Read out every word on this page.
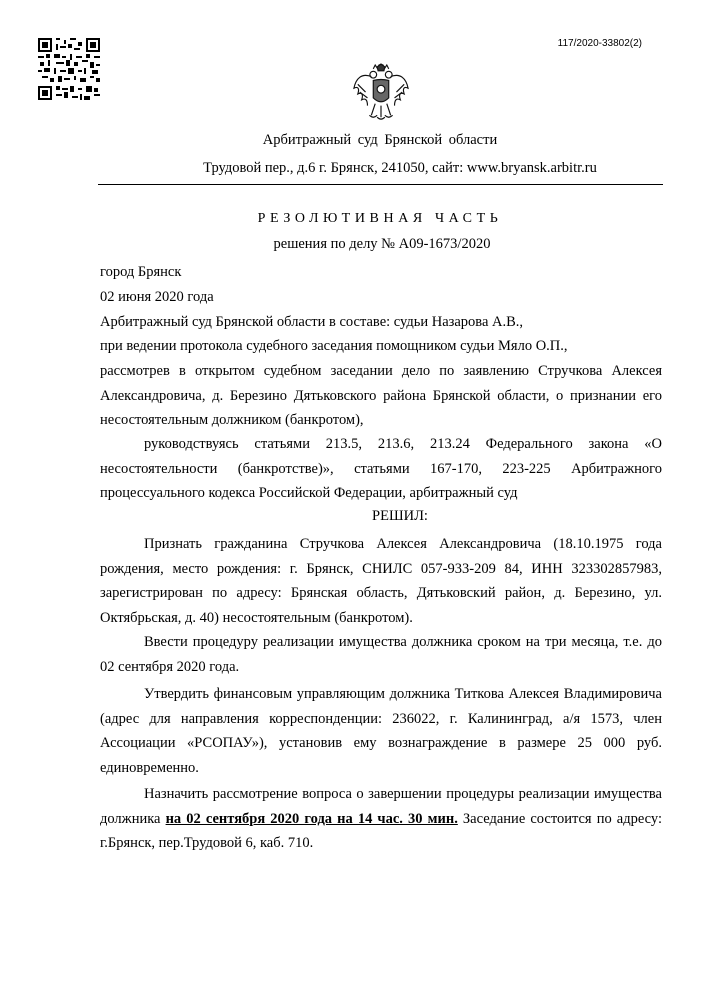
117/2020-33802(2)
Арбитражный суд Брянской области
Трудовой пер., д.6 г. Брянск, 241050, сайт: www.bryansk.arbitr.ru
РЕЗОЛЮТИВНАЯ ЧАСТЬ
решения по делу № А09-1673/2020
город Брянск
02 июня 2020 года
Арбитражный суд Брянской области в составе: судьи Назарова А.В.,
при ведении протокола судебного заседания помощником судьи Мяло О.П.,
рассмотрев в открытом судебном заседании дело по заявлению Стручкова Алексея Александровича, д. Березино Дятьковского района Брянской области, о признании его несостоятельным должником (банкротом),
руководствуясь статьями 213.5, 213.6, 213.24 Федерального закона «О несостоятельности (банкротстве)», статьями 167-170, 223-225 Арбитражного процессуального кодекса Российской Федерации, арбитражный суд
РЕШИЛ:
Признать гражданина Стручкова Алексея Александровича (18.10.1975 года рождения, место рождения: г. Брянск, СНИЛС 057-933-209 84, ИНН 323302857983, зарегистрирован по адресу: Брянская область, Дятьковский район, д. Березино, ул. Октябрьская, д. 40) несостоятельным (банкротом).
Ввести процедуру реализации имущества должника сроком на три месяца, т.е. до 02 сентября 2020 года.
Утвердить финансовым управляющим должника Титкова Алексея Владимировича (адрес для направления корреспонденции: 236022, г. Калининград, а/я 1573, член Ассоциации «РСОПАУ»), установив ему вознаграждение в размере 25 000 руб. единовременно.
Назначить рассмотрение вопроса о завершении процедуры реализации имущества должника на 02 сентября 2020 года на 14 час. 30 мин. Заседание состоится по адресу: г.Брянск, пер.Трудовой 6, каб. 710.
